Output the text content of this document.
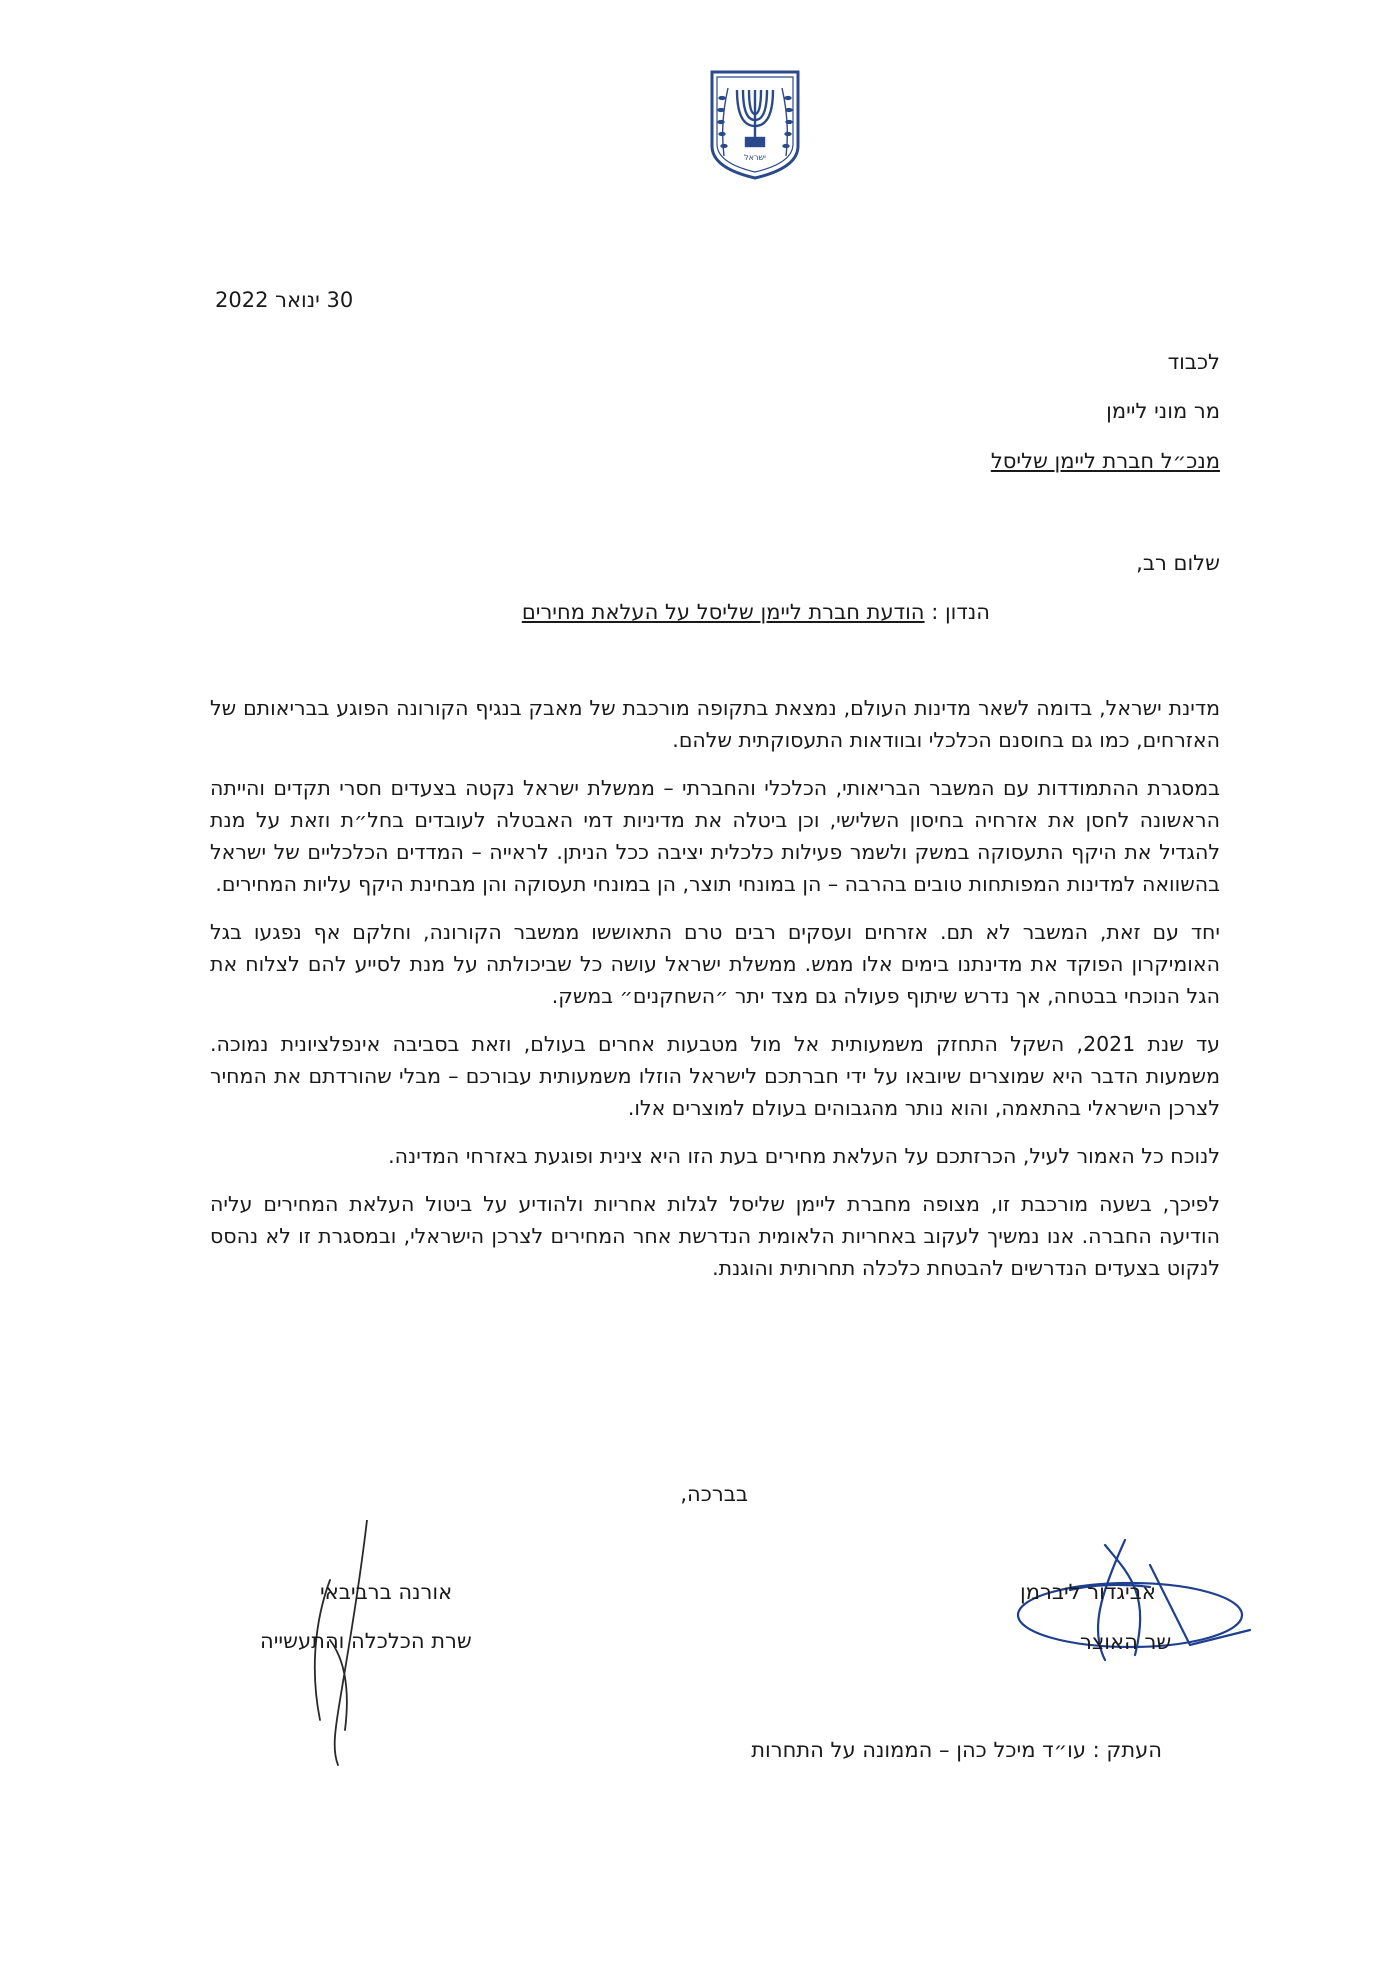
ישראל
30 ינואר 2022
לכבוד
מר מוני ליימן
מנכ״ל חברת ליימן שליסל
שלום רב,
הנדון : הודעת חברת ליימן שליסל על העלאת מחירים

מדינת ישראל, בדומה לשאר מדינות העולם, נמצאת בתקופה מורכבת של מאבק בנגיף הקורונה הפוגע בבריאותם של האזרחים, כמו גם בחוסנם הכלכלי ובוודאות התעסוקתית שלהם.

במסגרת ההתמודדות עם המשבר הבריאותי, הכלכלי והחברתי – ממשלת ישראל נקטה בצעדים חסרי תקדים והייתה הראשונה לחסן את אזרחיה בחיסון השלישי, וכן ביטלה את מדיניות דמי האבטלה לעובדים בחל״ת וזאת על מנת להגדיל את היקף התעסוקה במשק ולשמר פעילות כלכלית יציבה ככל הניתן. לראייה – המדדים הכלכליים של ישראל בהשוואה למדינות המפותחות טובים בהרבה – הן במונחי תוצר, הן במונחי תעסוקה והן מבחינת היקף עליות המחירים.

יחד עם זאת, המשבר לא תם. אזרחים ועסקים רבים טרם התאוששו ממשבר הקורונה, וחלקם אף נפגעו בגל האומיקרון הפוקד את מדינתנו בימים אלו ממש. ממשלת ישראל עושה כל שביכולתה על מנת לסייע להם לצלוח את הגל הנוכחי בבטחה, אך נדרש שיתוף פעולה גם מצד יתר ״השחקנים״ במשק.

עד שנת 2021, השקל התחזק משמעותית אל מול מטבעות אחרים בעולם, וזאת בסביבה אינפלציונית נמוכה. משמעות הדבר היא שמוצרים שיובאו על ידי חברתכם לישראל הוזלו משמעותית עבורכם – מבלי שהורדתם את המחיר לצרכן הישראלי בהתאמה, והוא נותר מהגבוהים בעולם למוצרים אלו.

לנוכח כל האמור לעיל, הכרזתכם על העלאת מחירים בעת הזו היא צינית ופוגעת באזרחי המדינה.

לפיכך, בשעה מורכבת זו, מצופה מחברת ליימן שליסל לגלות אחריות ולהודיע על ביטול העלאת המחירים עליה הודיעה החברה. אנו נמשיך לעקוב באחריות הלאומית הנדרשת אחר המחירים לצרכן הישראלי, ובמסגרת זו לא נהסס לנקוט בצעדים הנדרשים להבטחת כלכלה תחרותית והוגנת.

בברכה,
אביגדור ליברמן
שר האוצר
אורנה ברביבאי
שרת הכלכלה והתעשייה
העתק : עו״ד מיכל כהן – הממונה על התחרות
